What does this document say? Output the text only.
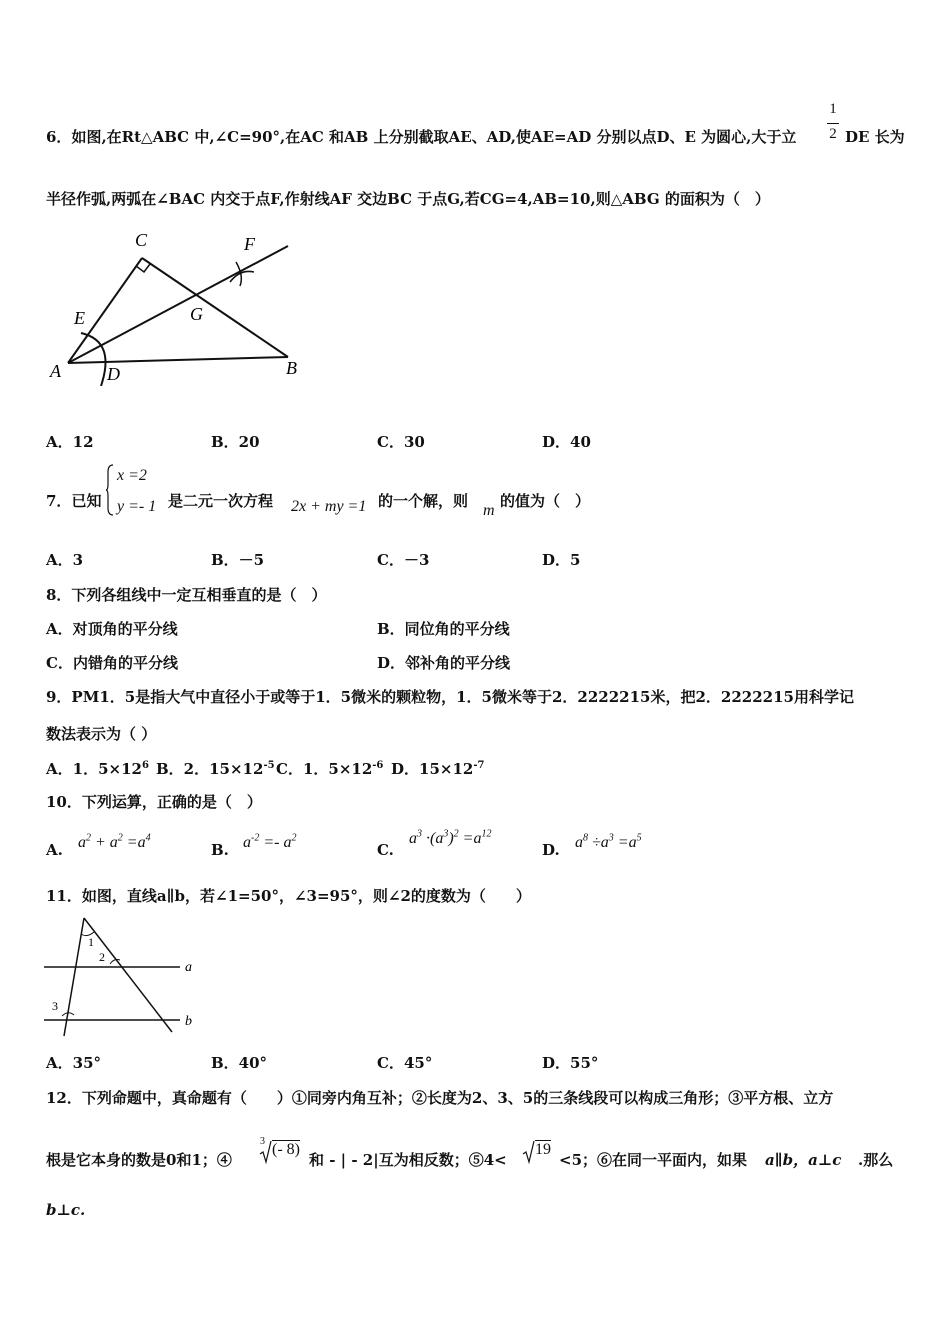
6．如图,在Rt△ABC 中,∠C=90°,在AC 和AB 上分别截取AE、AD,使AE=AD 分别以点D、E 为圆心,大于立
1
2 DE 长为
半径作弧,两弧在∠BAC 内交于点F,作射线AF 交边BC 于点G,若CG=4,AB=10,则△ABG 的面积为（　）
C	F
E	G
A	D	B
A．12	B．20	C．30	D．40
7．已知
x =2
y =- 1 是二元一次方程 2x + my =1 的一个解，则
m
的值为（　）
A．3	B．－5	C．－3	D．5
8．下列各组线中一定互相垂直的是（　）
A．对顶角的平分线	B．同位角的平分线
C．内错角的平分线	D．邻补角的平分线
9．PM1．5是指大气中直径小于或等于1．5微米的颗粒物，1．5微米等于2．2222215米，把2．2222215用科学记
数法表示为（ ）
A．1．$5\times 12^6$ B．2．$15\times 12^{-5}$ C．1．$5\times 12^{-6}$ D．$15\times 12^{-7}$
10．下列运算，正确的是（　）
A. $a^2 + a^2 =a^4$
B. $a^{-2} =- a^2$
C.
$a^3 \cdot(a^3)^2 =a^{12}$
D. $a^8 \div a^3 =a^5$
11．如图，直线a∥b，若∠1=50°，∠3=95°，则∠2的度数为（　　）
1
2
3
a
b
A．35°	B．40°	C．45°	D．55°
12．下列命题中，真命题有（　　）①同旁内角互补；②长度为2、3、5的三条线段可以构成三角形；③平方根、立方
根是它本身的数是0和1；④
3 (- 8)
和 - | - 2|互为相反数；⑤4<
19
<5；⑥在同一平面内，如果 a∥b，a⊥c .那么
b⊥c.
